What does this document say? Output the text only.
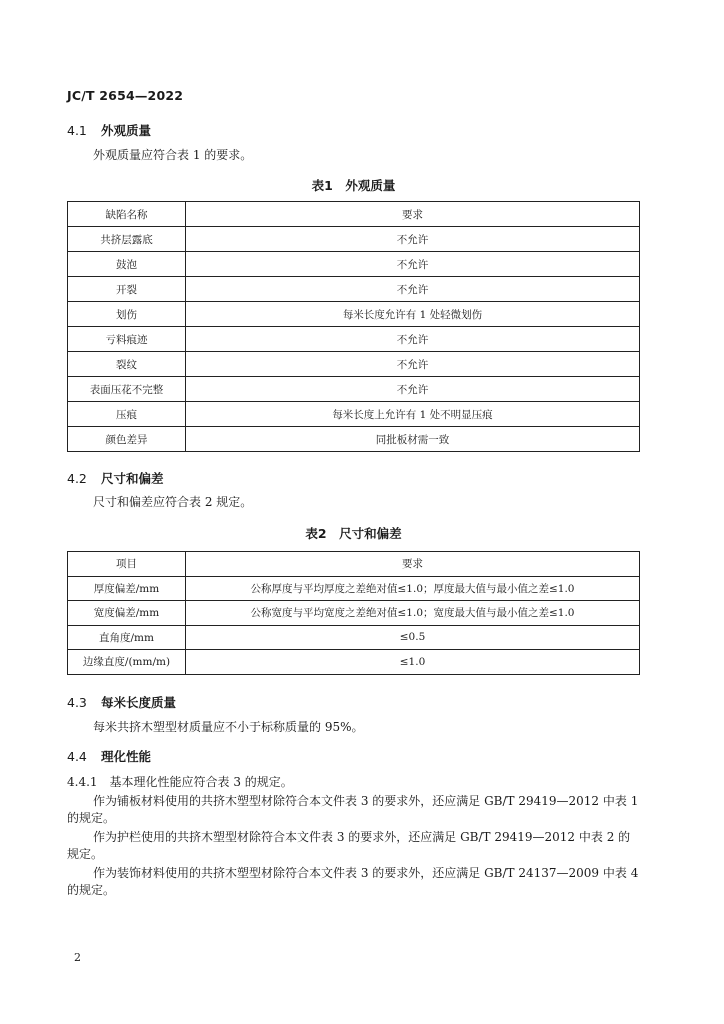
JC/T 2654—2022
4.1 外观质量
外观质量应符合表 1 的要求。
表1　外观质量
缺陷名称	要求
共挤层露底	不允许
鼓泡	不允许
开裂	不允许
划伤	每米长度允许有 1 处轻微划伤
亏料痕迹	不允许
裂纹	不允许
表面压花不完整	不允许
压痕	每米长度上允许有 1 处不明显压痕
颜色差异	同批板材需一致
4.2 尺寸和偏差
尺寸和偏差应符合表 2 规定。
表2　尺寸和偏差
项目	要求
厚度偏差/mm	公称厚度与平均厚度之差绝对值≤1.0；厚度最大值与最小值之差≤1.0
宽度偏差/mm	公称宽度与平均宽度之差绝对值≤1.0；宽度最大值与最小值之差≤1.0
直角度/mm	≤0.5
边缘直度/(mm/m)	≤1.0
4.3 每米长度质量
每米共挤木塑型材质量应不小于标称质量的 95%。
4.4 理化性能
4.4.1　基本理化性能应符合表 3 的规定。
作为铺板材料使用的共挤木塑型材除符合本文件表 3 的要求外，还应满足 GB/T 29419—2012 中表 1 的规定。
作为护栏使用的共挤木塑型材除符合本文件表 3 的要求外，还应满足 GB/T 29419—2012 中表 2 的规定。
作为装饰材料使用的共挤木塑型材除符合本文件表 3 的要求外，还应满足 GB/T 24137—2009 中表 4 的规定。
2
